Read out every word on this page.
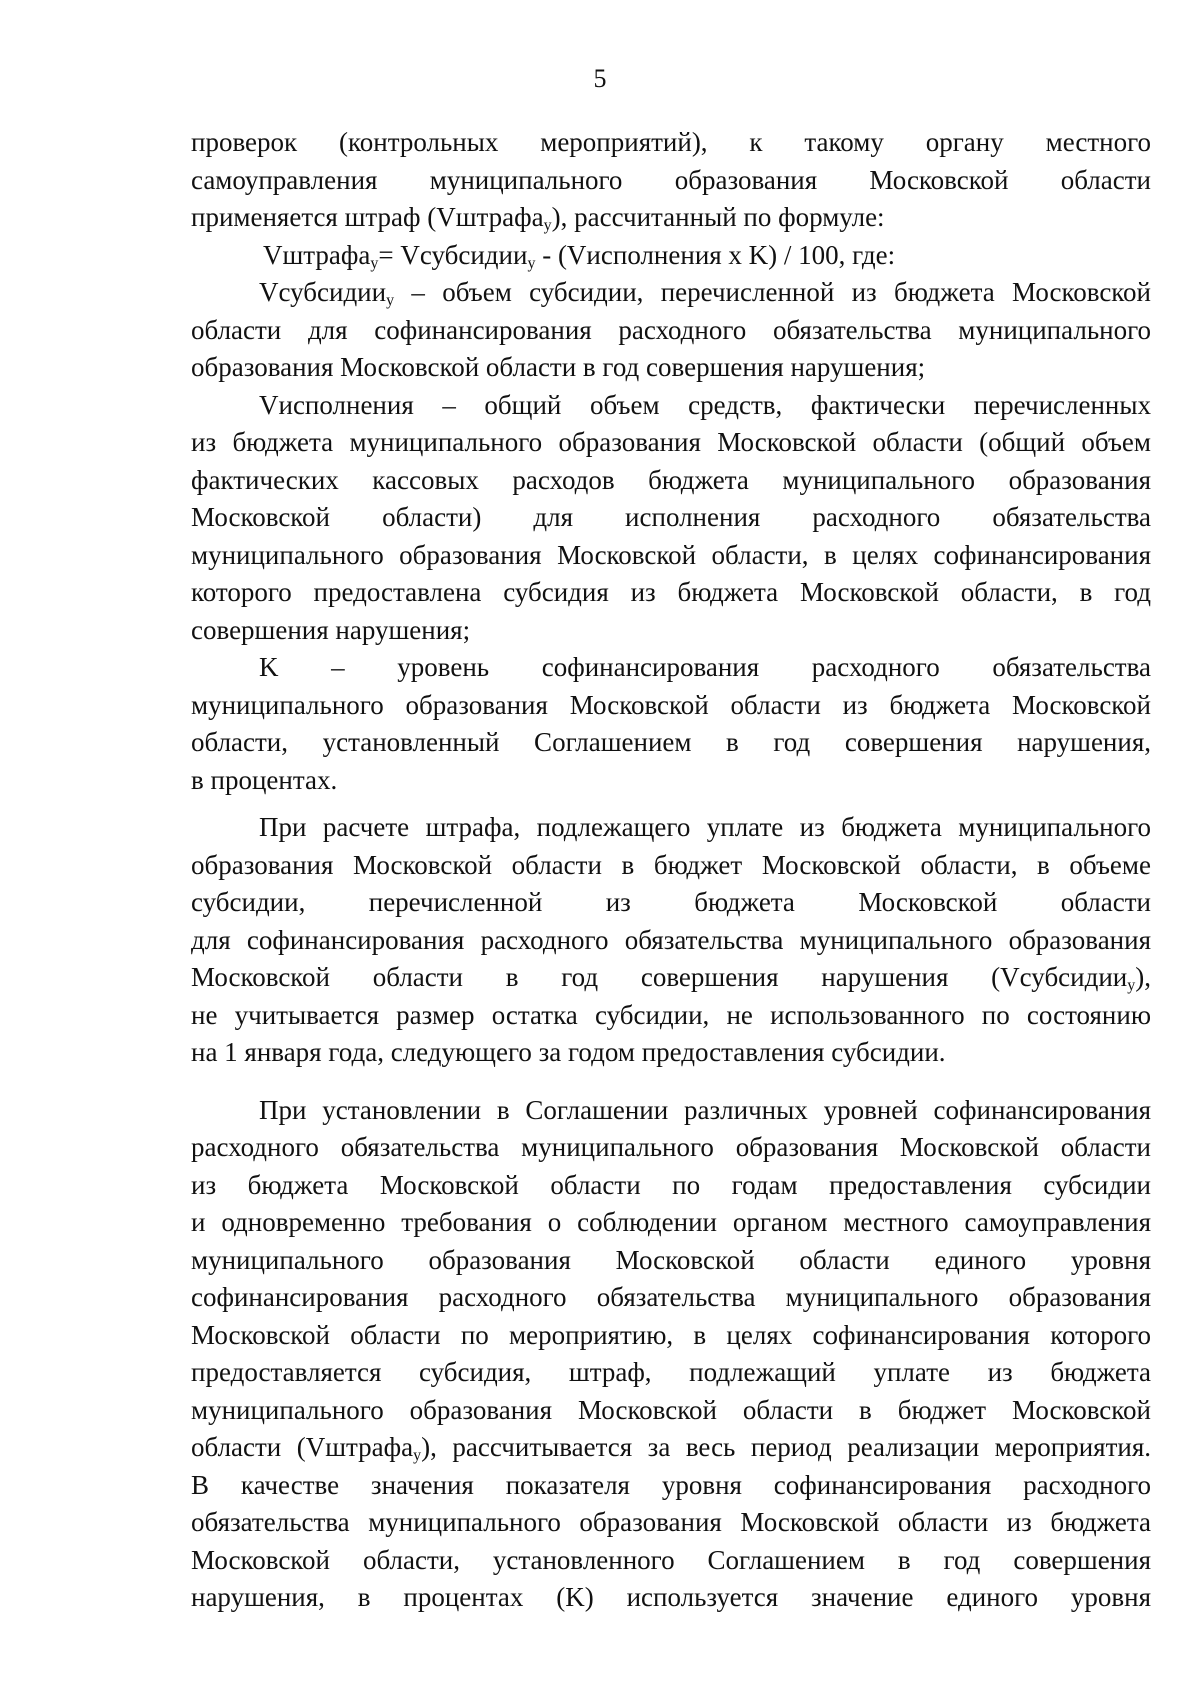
5
проверок (контрольных мероприятий), к такому органу местного
самоуправления муниципального образования Московской области
применяется штраф (Vштрафа$_у$), рассчитанный по формуле:
Vштрафа$_у$= Vсубсидии$_у$ - (Vисполнения x K) / 100, где:
Vсубсидии$_у$ – объем субсидии, перечисленной из бюджета Московской
области для софинансирования расходного обязательства муниципального
образования Московской области в год совершения нарушения;
Vисполнения – общий объем средств, фактически перечисленных
из бюджета муниципального образования Московской области (общий объем
фактических кассовых расходов бюджета муниципального образования
Московской области) для исполнения расходного обязательства
муниципального образования Московской области, в целях софинансирования
которого предоставлена субсидия из бюджета Московской области, в год
совершения нарушения;
K – уровень софинансирования расходного обязательства
муниципального образования Московской области из бюджета Московской
области, установленный Соглашением в год совершения нарушения,
в процентах.
При расчете штрафа, подлежащего уплате из бюджета муниципального
образования Московской области в бюджет Московской области, в объеме
субсидии, перечисленной из бюджета Московской области
для софинансирования расходного обязательства муниципального образования
Московской области в год совершения нарушения (Vсубсидии$_у$),
не учитывается размер остатка субсидии, не использованного по состоянию
на 1 января года, следующего за годом предоставления субсидии.
При установлении в Соглашении различных уровней софинансирования
расходного обязательства муниципального образования Московской области
из бюджета Московской области по годам предоставления субсидии
и одновременно требования о соблюдении органом местного самоуправления
муниципального образования Московской области единого уровня
софинансирования расходного обязательства муниципального образования
Московской области по мероприятию, в целях софинансирования которого
предоставляется субсидия, штраф, подлежащий уплате из бюджета
муниципального образования Московской области в бюджет Московской
области (Vштрафа$_у$), рассчитывается за весь период реализации мероприятия.
В качестве значения показателя уровня софинансирования расходного
обязательства муниципального образования Московской области из бюджета
Московской области, установленного Соглашением в год совершения
нарушения, в процентах (K) используется значение единого уровня
